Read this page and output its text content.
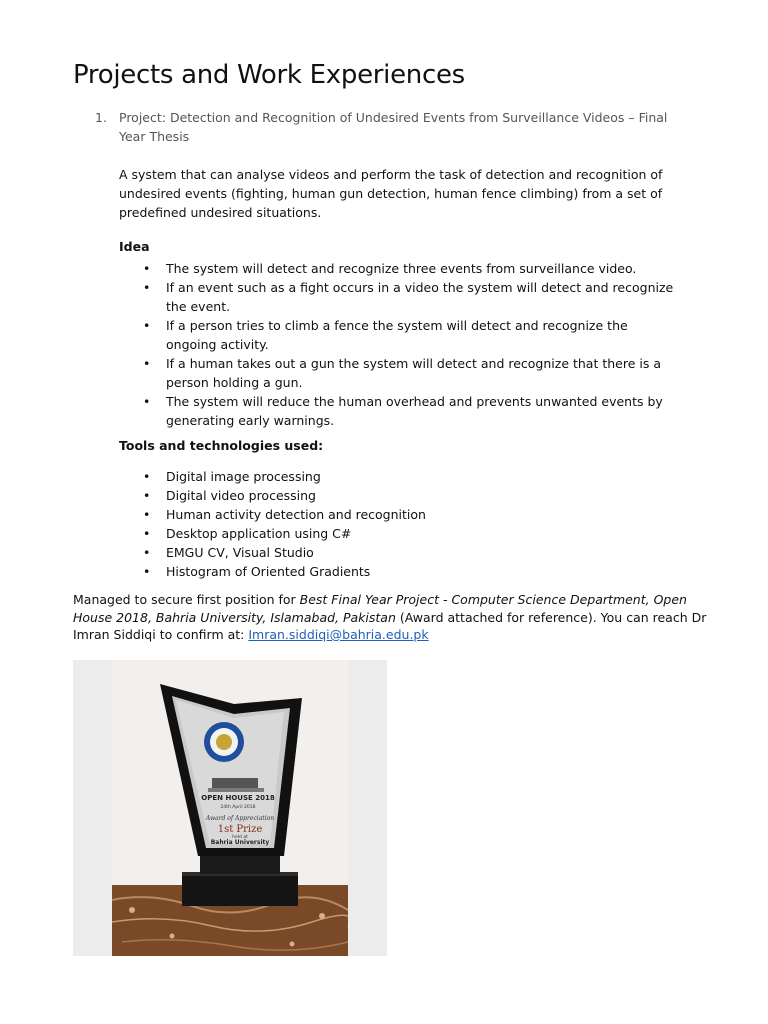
Projects and Work Experiences
1. Project: Detection and Recognition of Undesired Events from Surveillance Videos – Final Year Thesis
A system that can analyse videos and perform the task of detection and recognition of undesired events (fighting, human gun detection, human fence climbing) from a set of predefined undesired situations.
Idea
• The system will detect and recognize three events from surveillance video.
• If an event such as a fight occurs in a video the system will detect and recognize the event.
• If a person tries to climb a fence the system will detect and recognize the ongoing activity.
• If a human takes out a gun the system will detect and recognize that there is a person holding a gun.
• The system will reduce the human overhead and prevents unwanted events by generating early warnings.
Tools and technologies used:
• Digital image processing
• Digital video processing
• Human activity detection and recognition
• Desktop application using C#
• EMGU CV, Visual Studio
• Histogram of Oriented Gradients
Managed to secure first position for Best Final Year Project - Computer Science Department, Open House 2018, Bahria University, Islamabad, Pakistan (Award attached for reference). You can reach Dr Imran Siddiqi to confirm at: Imran.siddiqi@bahria.edu.pk
OPEN HOUSE 2018
24th April 2018
Award of Appreciation
1st Prize
held at
Bahria University
